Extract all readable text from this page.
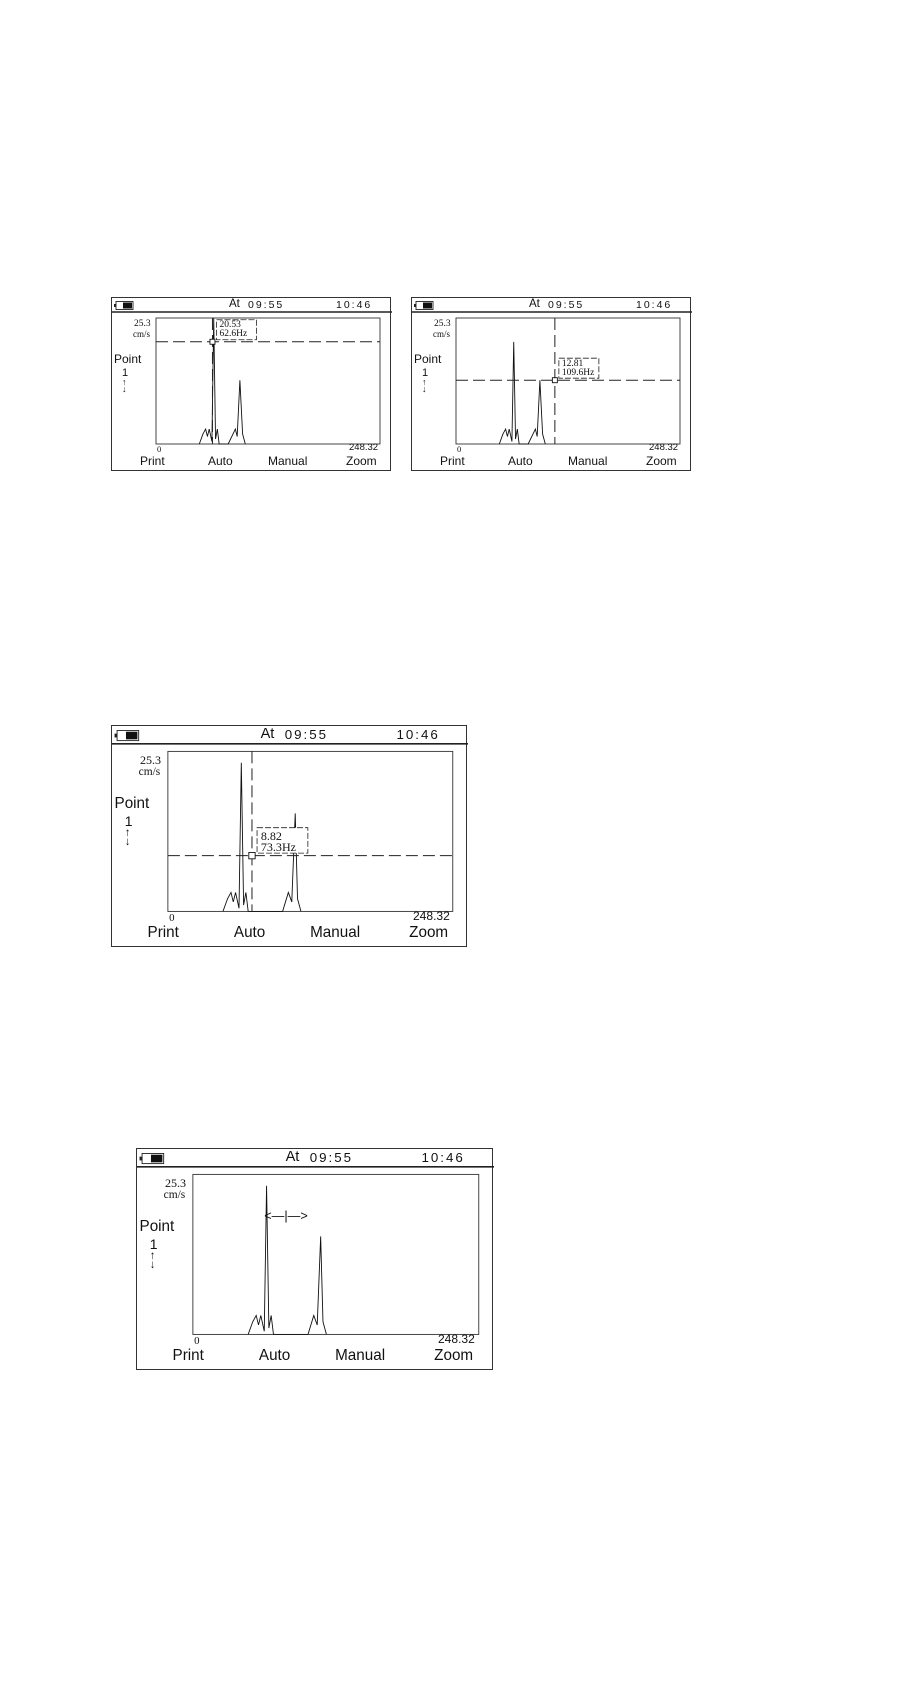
20.53
62.6Hz
At 09:55	10:46
25.3
cm/s
0	248.32
Point
1
↑
↓
Print	Auto	Manual	Zoom
12.81
109.6Hz
At 09:55	10:46
25.3
cm/s
0	248.32
Point
1
↑
↓
Print	Auto	Manual	Zoom
8.82
73.3Hz
At 09:55	10:46
25.3
cm/s
0	248.32
Point
1
↑
↓
Print	Auto	Manual	Zoom
<—|—>
At 09:55	10:46
25.3
cm/s
0	248.32
Point
1
↑
↓
Print	Auto	Manual	Zoom
